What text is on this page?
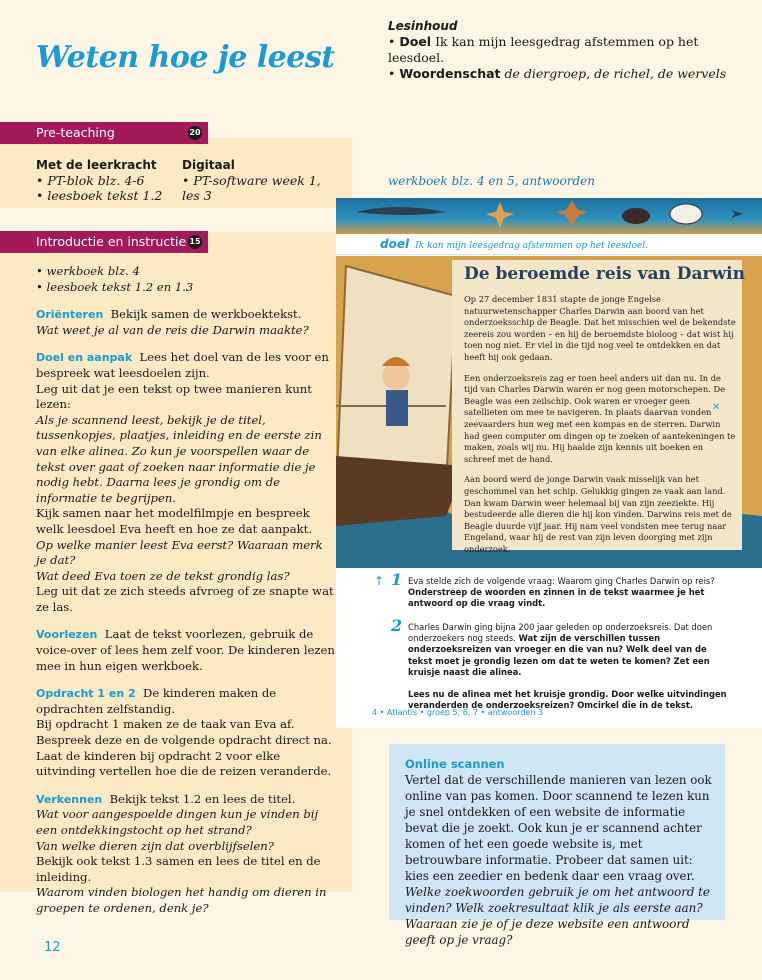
Weten hoe je leest
Lesinhoud
• Doel Ik kan mijn leesgedrag afstemmen op het leesdoel.
• Woordenschat de diergroep, de richel, de wervels
Pre-teaching	20
Met de leerkracht
• PT-blok blz. 4-6
• leesboek tekst 1.2
Digitaal
• PT-software week 1, les 3
Introductie en instructie 15

• werkboek blz. 4
• leesboek tekst 1.2 en 1.3

Oriënteren Bekijk samen de werkboektekst.
Wat weet je al van de reis die Darwin maakte?

Doel en aanpak Lees het doel van de les voor en bespreek wat leesdoelen zijn.
Leg uit dat je een tekst op twee manieren kunt lezen:
Als je scannend leest, bekijk je de titel, tussenkopjes, plaatjes, inleiding en de eerste zin van elke alinea. Zo kun je voorspellen waar de tekst over gaat of zoeken naar informatie die je nodig hebt. Daarna lees je grondig om de informatie te begrijpen.
Kijk samen naar het modelfilmpje en bespreek welk leesdoel Eva heeft en hoe ze dat aanpakt.
Op welke manier leest Eva eerst? Waaraan merk je dat?
Wat deed Eva toen ze de tekst grondig las?
Leg uit dat ze zich steeds afvroeg of ze snapte wat ze las.

Voorlezen Laat de tekst voorlezen, gebruik de voice-over of lees hem zelf voor. De kinderen lezen mee in hun eigen werkboek.

Opdracht 1 en 2 De kinderen maken de opdrachten zelfstandig.
Bij opdracht 1 maken ze de taak van Eva af.
Bespreek deze en de volgende opdracht direct na.
Laat de kinderen bij opdracht 2 voor elke uitvinding vertellen hoe die de reizen veranderde.

Verkennen Bekijk tekst 1.2 en lees de titel.
Wat voor aangespoelde dingen kun je vinden bij een ontdekkingstocht op het strand?
Van welke dieren zijn dat overblijfselen?
Bekijk ook tekst 1.3 samen en lees de titel en de inleiding.
Waarom vinden biologen het handig om dieren in groepen te ordenen, denk je?

werkboek blz. 4 en 5, antwoorden
doel Ik kan mijn leesgedrag afstemmen op het leesdoel.
De beroemde reis van Darwin

Op 27 december 1831 stapte de jonge Engelse natuurwetenschapper Charles Darwin aan boord van het onderzoeksschip de Beagle. Dat het misschien wel de bekendste zeereis zou worden – en hij de beroemdste bioloog – dat wist hij toen nog niet. Er viel in die tijd nog veel te ontdekken en dat heeft hij ook gedaan.

Een onderzoeksreis zag er toen heel anders uit dan nu. In de tijd van Charles Darwin waren er nog geen motorschepen. De Beagle was een zeilschip. Ook waren er vroeger geen satellieten om mee te navigeren. In plaats daarvan vonden zeevaarders hun weg met een kompas en de sterren. Darwin had geen computer om dingen op te zoeken of aantekeningen te maken, zoals wij nu. Hij haalde zijn kennis uit boeken en schreef met de hand.

Aan boord werd de jonge Darwin vaak misselijk van het geschommel van het schip. Gelukkig gingen ze vaak aan land. Dan kwam Darwin weer helemaal bij van zijn zeeziekte. Hij bestudeerde alle dieren die hij kon vinden. Darwins reis met de Beagle duurde vijf jaar. Hij nam veel vondsten mee terug naar Engeland, waar hij de rest van zijn leven doorging met zijn onderzoek.

✕
↑ 1 Eva stelde zich de volgende vraag: Waarom ging Charles Darwin op reis?
Onderstreep de woorden en zinnen in de tekst waarmee je het antwoord op die vraag vindt.
2 Charles Darwin ging bijna 200 jaar geleden op onderzoeksreis. Dat doen onderzoekers nog steeds. Wat zijn de verschillen tussen onderzoeksreizen van vroeger en die van nu? Welk deel van de tekst moet je grondig lezen om dat te weten te komen? Zet een kruisje naast die alinea.

Lees nu de alinea met het kruisje grondig. Door welke uitvindingen veranderden de onderzoeksreizen? Omcirkel die in de tekst.
4 • Atlantis • groep 5, 6, 7 • antwoorden 3
Online scannen
Vertel dat de verschillende manieren van lezen ook online van pas komen. Door scannend te lezen kun je snel ontdekken of een website de informatie bevat die je zoekt. Ook kun je er scannend achter komen of het een goede website is, met betrouwbare informatie. Probeer dat samen uit: kies een zeedier en bedenk daar een vraag over. Welke zoekwoorden gebruik je om het antwoord te vinden? Welk zoekresultaat klik je als eerste aan? Waaraan zie je of je deze website een antwoord geeft op je vraag?
12
